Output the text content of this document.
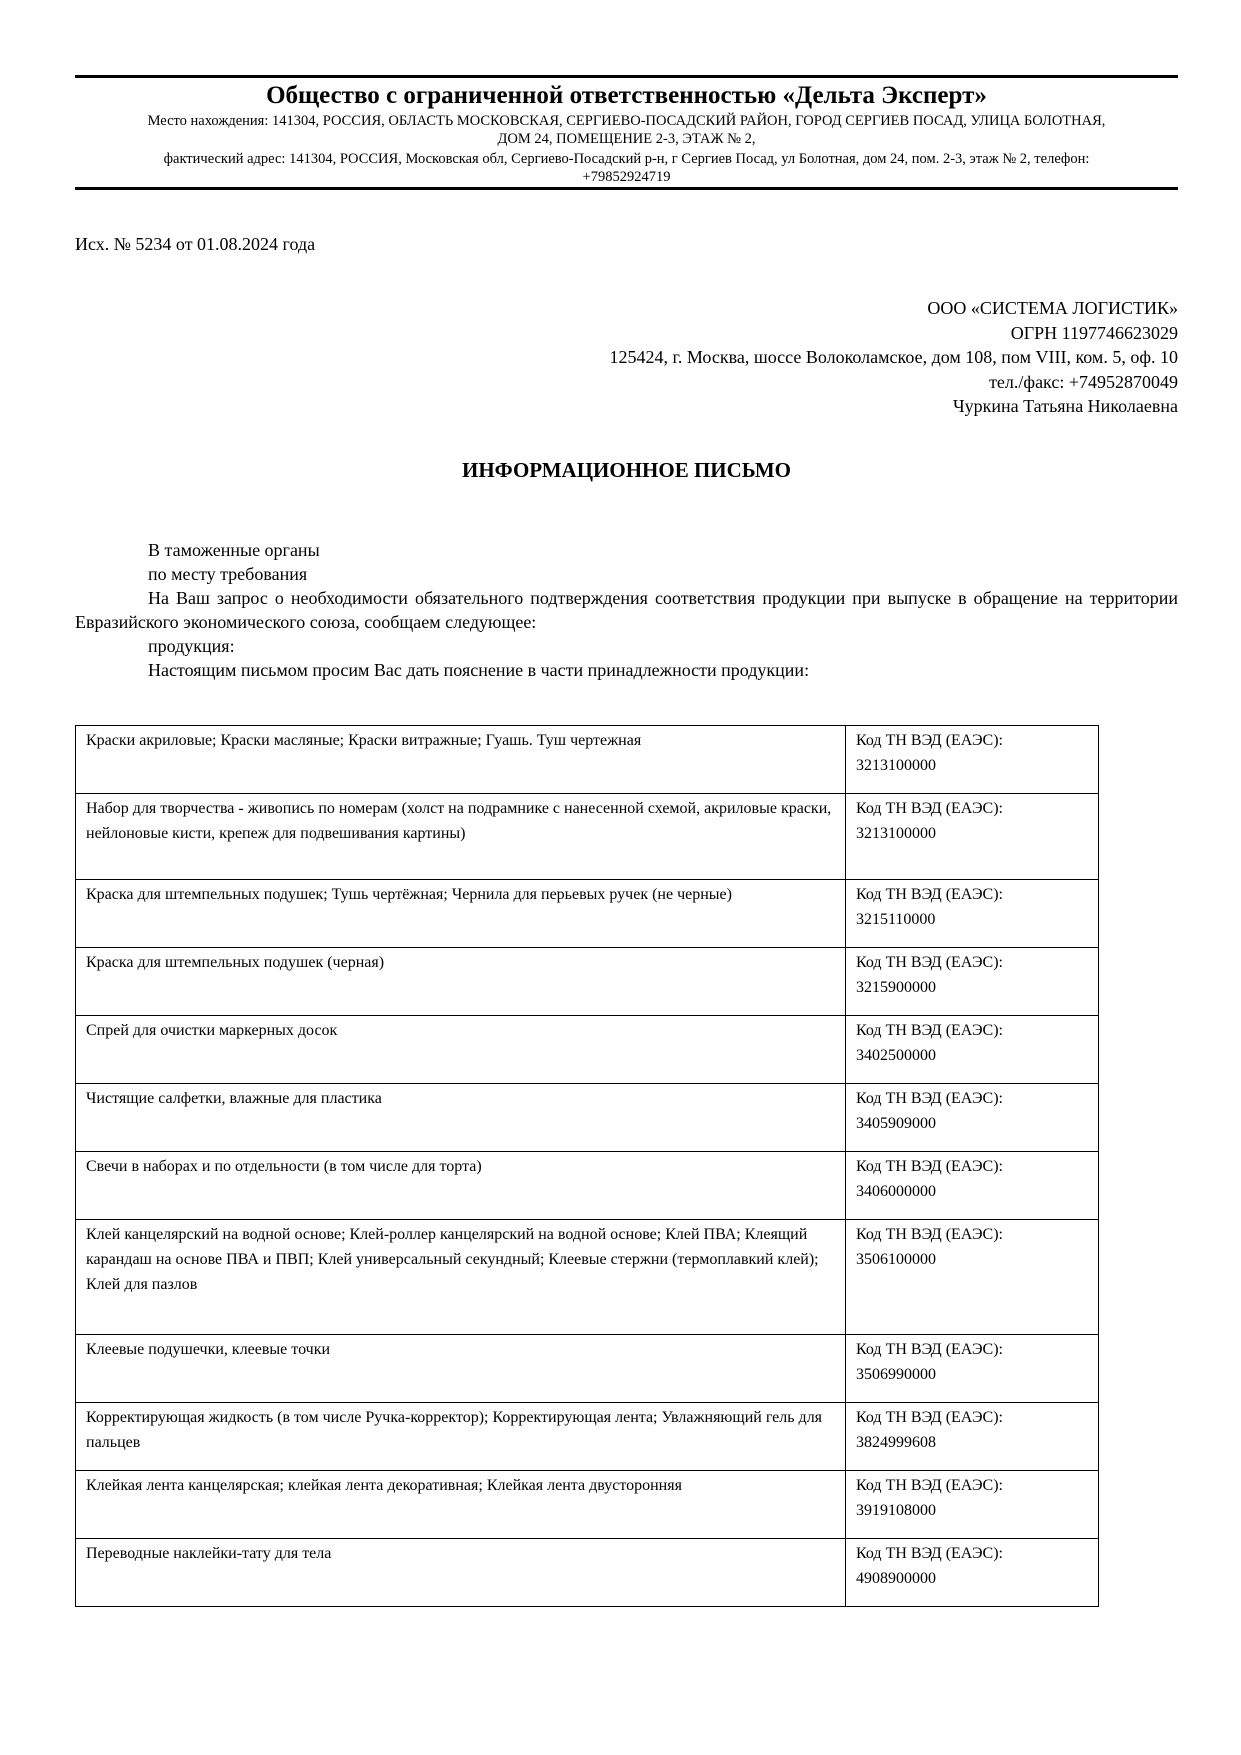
Общество с ограниченной ответственностью «Дельта Эксперт»
Место нахождения: 141304, РОССИЯ, ОБЛАСТЬ МОСКОВСКАЯ, СЕРГИЕВО-ПОСАДСКИЙ РАЙОН, ГОРОД СЕРГИЕВ ПОСАД, УЛИЦА БОЛОТНАЯ,
ДОМ 24, ПОМЕЩЕНИЕ 2-3, ЭТАЖ № 2,
фактический адрес: 141304, РОССИЯ, Московская обл, Сергиево-Посадский р-н, г Сергиев Посад, ул Болотная, дом 24, пом. 2-3, этаж № 2, телефон:
+79852924719
Исх. № 5234 от 01.08.2024 года
ООО «СИСТЕМА ЛОГИСТИК»
ОГРН 1197746623029
125424, г. Москва, шоссе Волоколамское, дом 108, пом VIII, ком. 5, оф. 10
тел./факс: +74952870049
Чуркина Татьяна Николаевна
ИНФОРМАЦИОННОЕ ПИСЬМО
В таможенные органы
по месту требования
На Ваш запрос о необходимости обязательного подтверждения соответствия продукции при выпуске в обращение на территории Евразийского экономического союза, сообщаем следующее:
продукция:
Настоящим письмом просим Вас дать пояснение в части принадлежности продукции:
Краски акриловые; Краски масляные; Краски витражные; Гуашь. Туш чертежная	Код ТН ВЭД (ЕАЭС):
3213100000

Набор для творчества - живопись по номерам (холст на подрамнике с нанесенной схемой, акриловые краски, нейлоновые кисти, крепеж для подвешивания картины)	Код ТН ВЭД (ЕАЭС):
3213100000

Краска для штемпельных подушек; Тушь чертёжная; Чернила для перьевых ручек (не черные)	Код ТН ВЭД (ЕАЭС):
3215110000

Краска для штемпельных подушек (черная)	Код ТН ВЭД (ЕАЭС):
3215900000

Спрей для очистки маркерных досок	Код ТН ВЭД (ЕАЭС):
3402500000

Чистящие салфетки, влажные для пластика	Код ТН ВЭД (ЕАЭС):
3405909000

Свечи в наборах и по отдельности (в том числе для торта)	Код ТН ВЭД (ЕАЭС):
3406000000

Клей канцелярский на водной основе; Клей-роллер канцелярский на водной основе; Клей ПВА; Клеящий карандаш на основе ПВА и ПВП; Клей универсальный секундный; Клеевые стержни (термоплавкий клей); Клей для пазлов	Код ТН ВЭД (ЕАЭС):
3506100000

Клеевые подушечки, клеевые точки	Код ТН ВЭД (ЕАЭС):
3506990000

Корректирующая жидкость (в том числе Ручка-корректор); Корректирующая лента; Увлажняющий гель для пальцев	Код ТН ВЭД (ЕАЭС):
3824999608

Клейкая лента канцелярская; клейкая лента декоративная; Клейкая лента двусторонняя	Код ТН ВЭД (ЕАЭС):
3919108000

Переводные наклейки-тату для тела	Код ТН ВЭД (ЕАЭС):
4908900000
